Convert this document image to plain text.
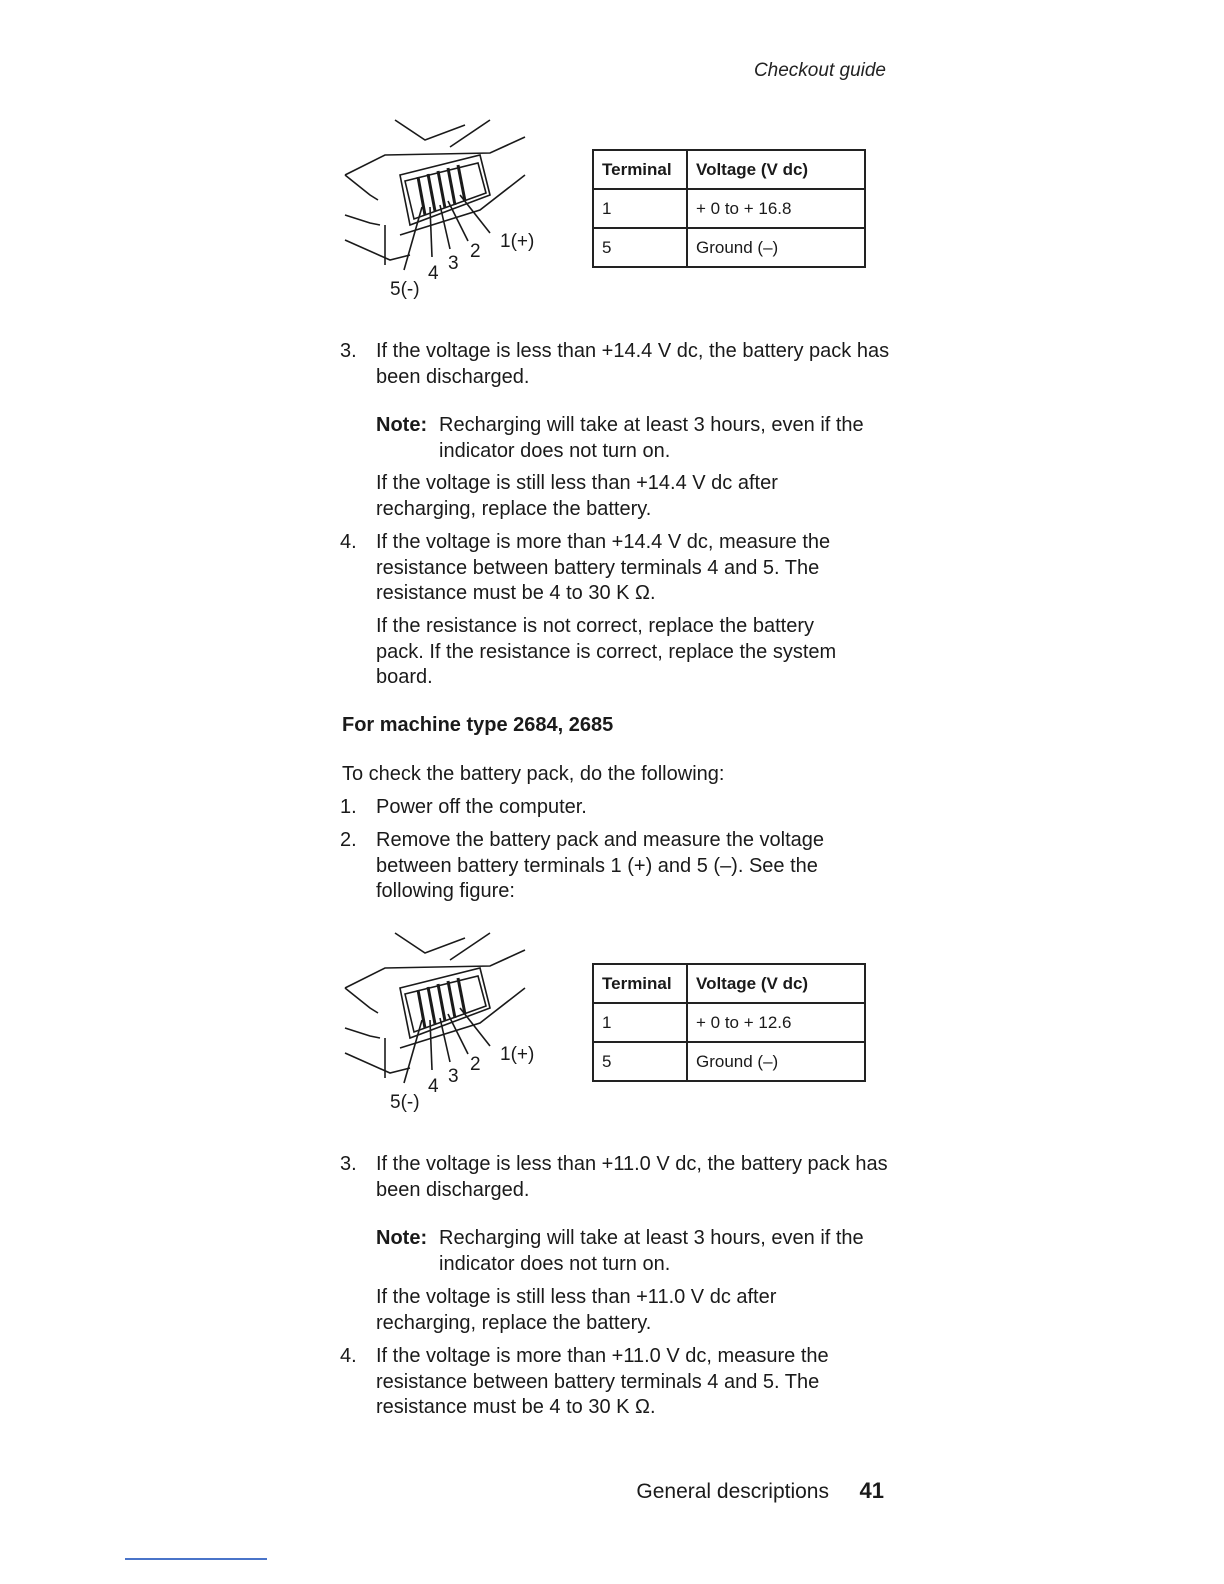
Checkout guide
1(+)
2
3
4
5(-)
Terminal	Voltage (V dc)
1	+ 0 to + 16.8
5	Ground (–)
3. If the voltage is less than +14.4 V dc, the battery pack has been discharged.
Note: Recharging will take at least 3 hours, even if the indicator does not turn on.
If the voltage is still less than +14.4 V dc after recharging, replace the battery.
4. If the voltage is more than +14.4 V dc, measure the resistance between battery terminals 4 and 5. The resistance must be 4 to 30 K Ω.
If the resistance is not correct, replace the battery pack. If the resistance is correct, replace the system board.
For machine type 2684, 2685
To check the battery pack, do the following:
1. Power off the computer.
2. Remove the battery pack and measure the voltage between battery terminals 1 (+) and 5 (–). See the following figure:
1(+)
2
3
4
5(-)
Terminal	Voltage (V dc)
1	+ 0 to + 12.6
5	Ground (–)
3. If the voltage is less than +11.0 V dc, the battery pack has been discharged.
Note: Recharging will take at least 3 hours, even if the indicator does not turn on.
If the voltage is still less than +11.0 V dc after recharging, replace the battery.
4. If the voltage is more than +11.0 V dc, measure the resistance between battery terminals 4 and 5. The resistance must be 4 to 30 K Ω.
General descriptions 41
